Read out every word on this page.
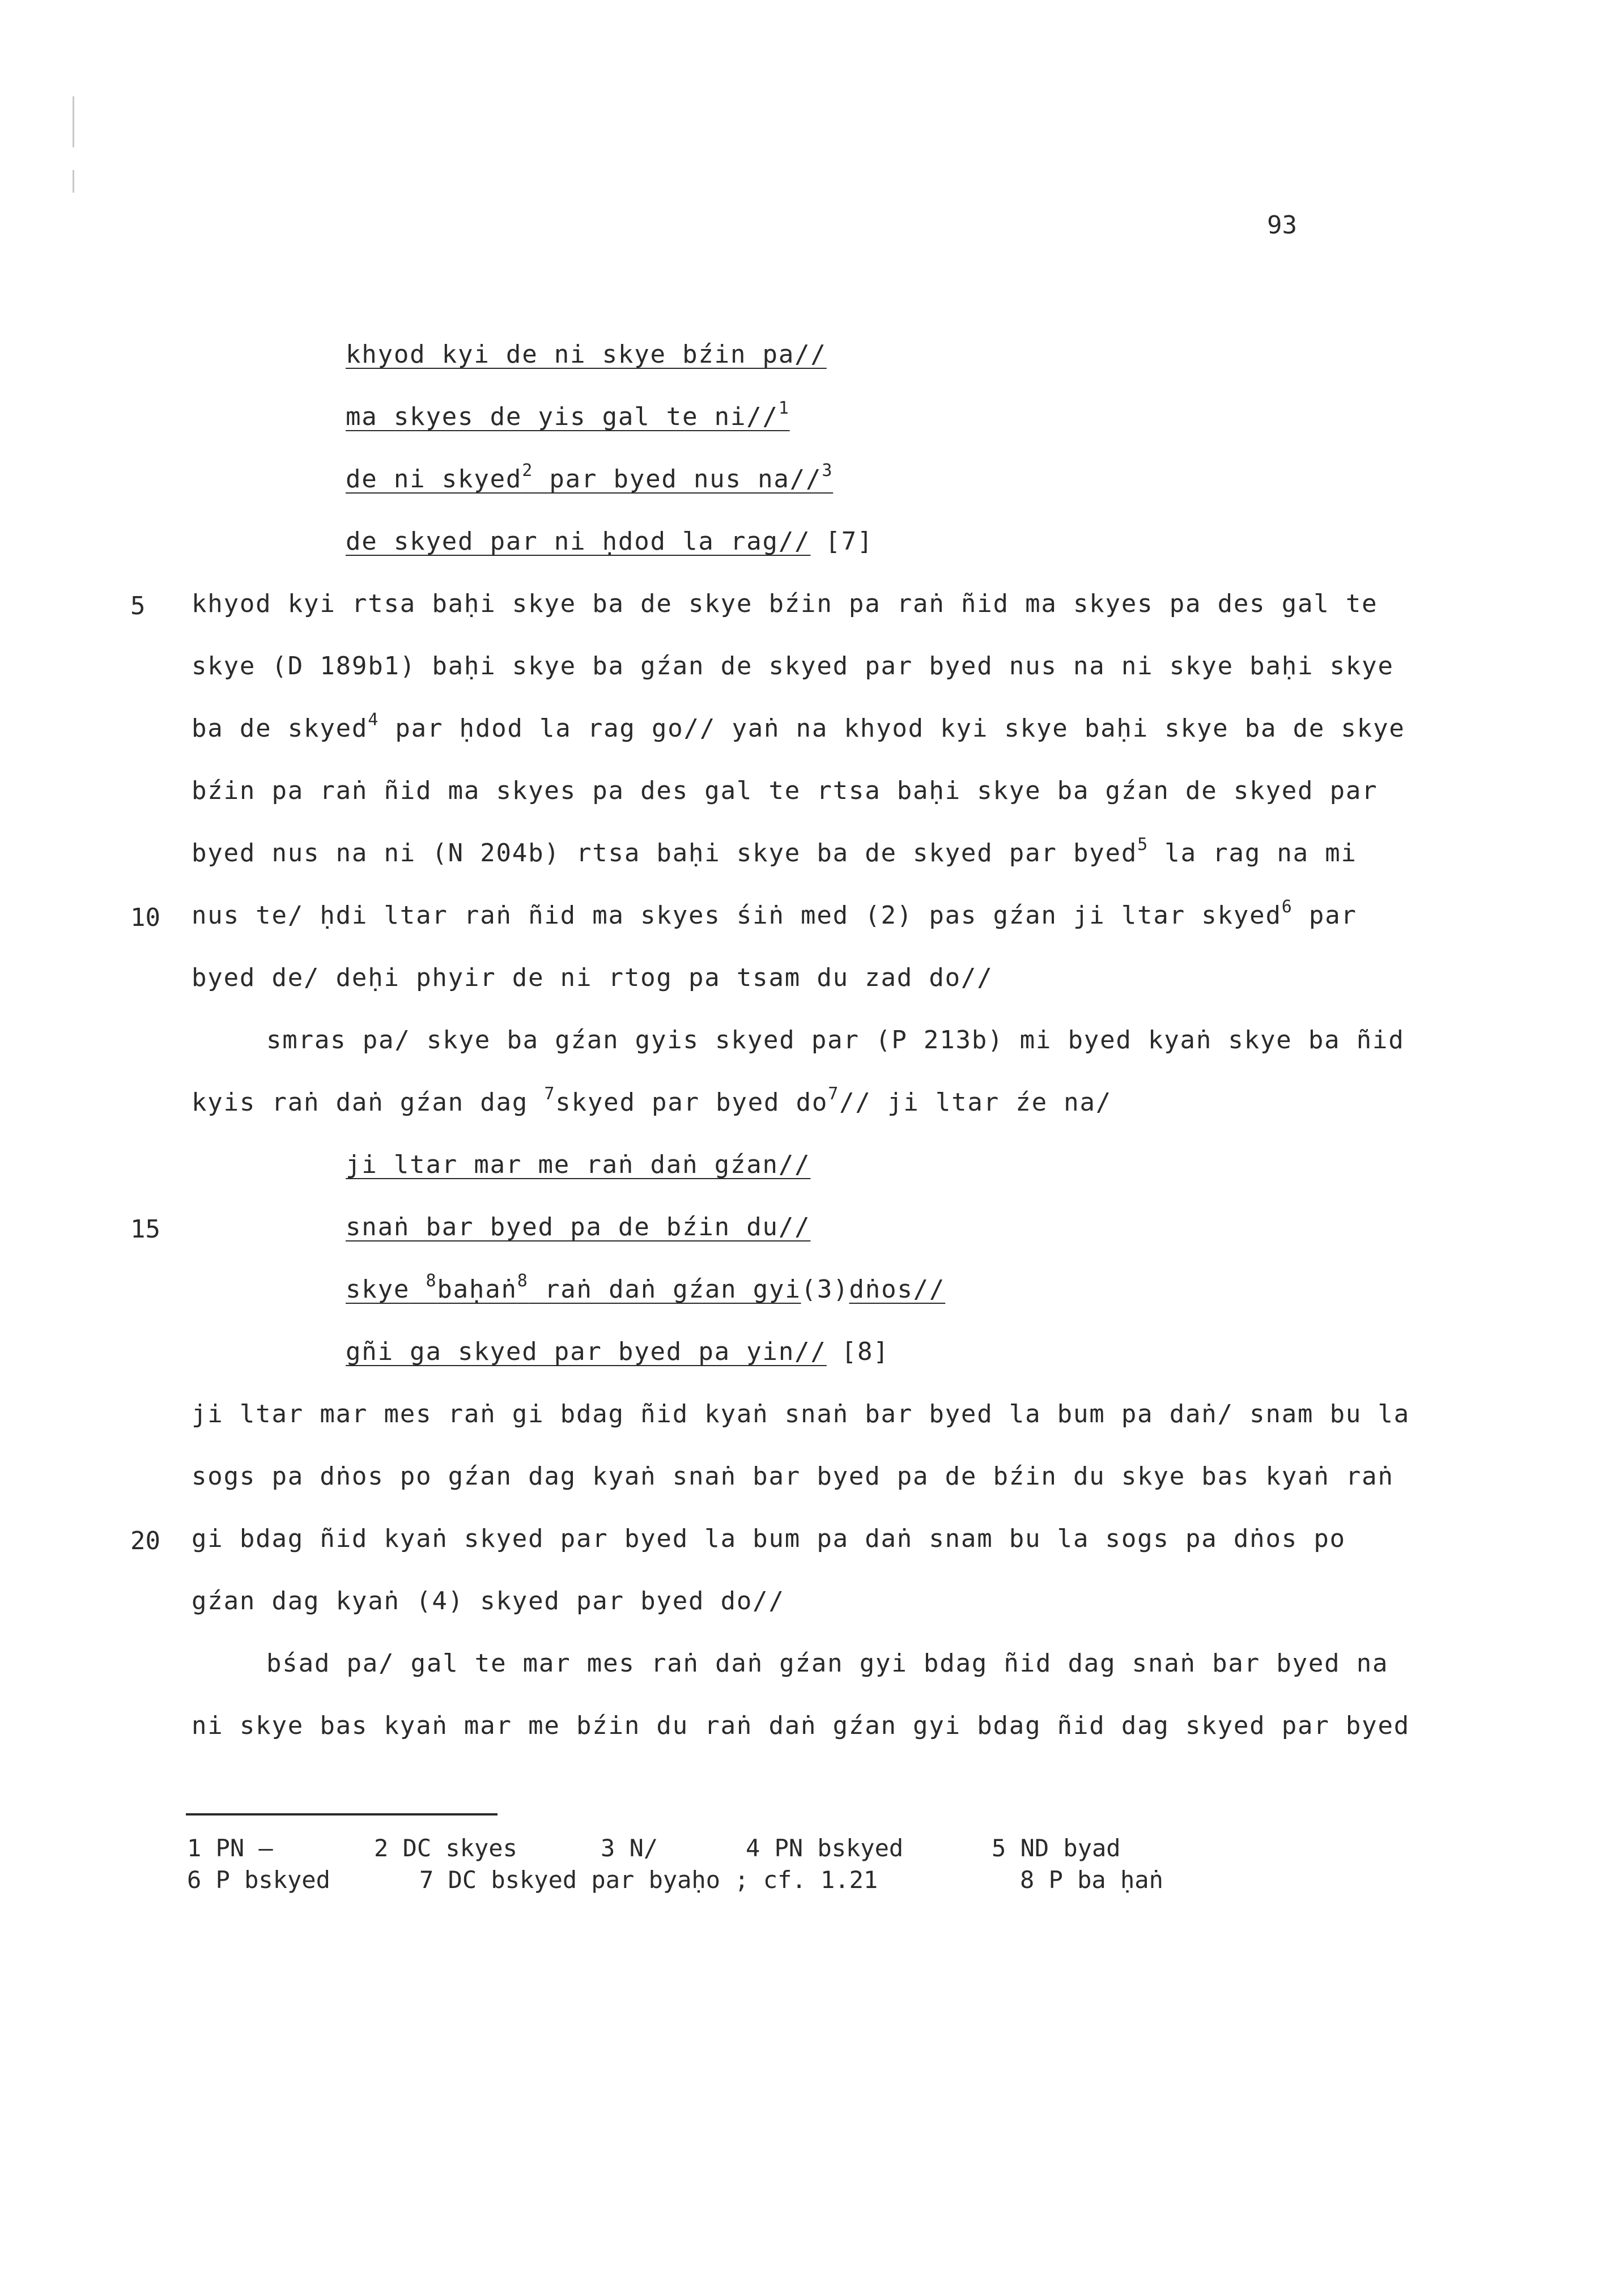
93
khyod kyi de ni skye bźin pa//
ma skyes de yis gal te ni//$^1$
de ni skyed$^2$ par byed nus na//$^3$
de skyed par ni ḥdod la rag// [7]
5 khyod kyi rtsa baḥi skye ba de skye bźin pa raṅ ñid ma skyes pa des gal te
skye (D 189b1) baḥi skye ba gźan de skyed par byed nus na ni skye baḥi skye
ba de skyed$^4$ par ḥdod la rag go// yaṅ na khyod kyi skye baḥi skye ba de skye
bźin pa raṅ ñid ma skyes pa des gal te rtsa baḥi skye ba gźan de skyed par
byed nus na ni (N 204b) rtsa baḥi skye ba de skyed par byed$^5$ la rag na mi
10 nus te/ ḥdi ltar raṅ ñid ma skyes śiṅ med (2) pas gźan ji ltar skyed$^6$ par
byed de/ deḥi phyir de ni rtog pa tsam du zad do//
smras pa/ skye ba gźan gyis skyed par (P 213b) mi byed kyaṅ skye ba ñid
kyis raṅ daṅ gźan dag $^7$skyed par byed $do^7//$ ji ltar źe na/
ji ltar mar me raṅ daṅ gźan//
15	snaṅ bar byed pa de bźin du//
skye $^8$baḥaṅ$^8$ raṅ daṅ gźan gyi(3)dṅos//
gñi ga skyed par byed pa yin// [8]
ji ltar mar mes raṅ gi bdag ñid kyaṅ snaṅ bar byed la bum pa daṅ/ snam bu la
sogs pa dṅos po gźan dag kyaṅ snaṅ bar byed pa de bźin du skye bas kyaṅ raṅ
20 gi bdag ñid kyaṅ skyed par byed la bum pa daṅ snam bu la sogs pa dṅos po
gźan dag kyaṅ (4) skyed par byed do//
bśad pa/ gal te mar mes raṅ daṅ gźan gyi bdag ñid dag snaṅ bar byed na
ni skye bas kyaṅ mar me bźin du raṅ daṅ gźan gyi bdag ñid dag skyed par byed
1 PN —	2 DC skyes	3 N/	4 PN bskyed	5 ND byad
6 P bskyed	7 DC bskyed par byaḥo ; cf. 1.21	8 P ba ḥaṅ
